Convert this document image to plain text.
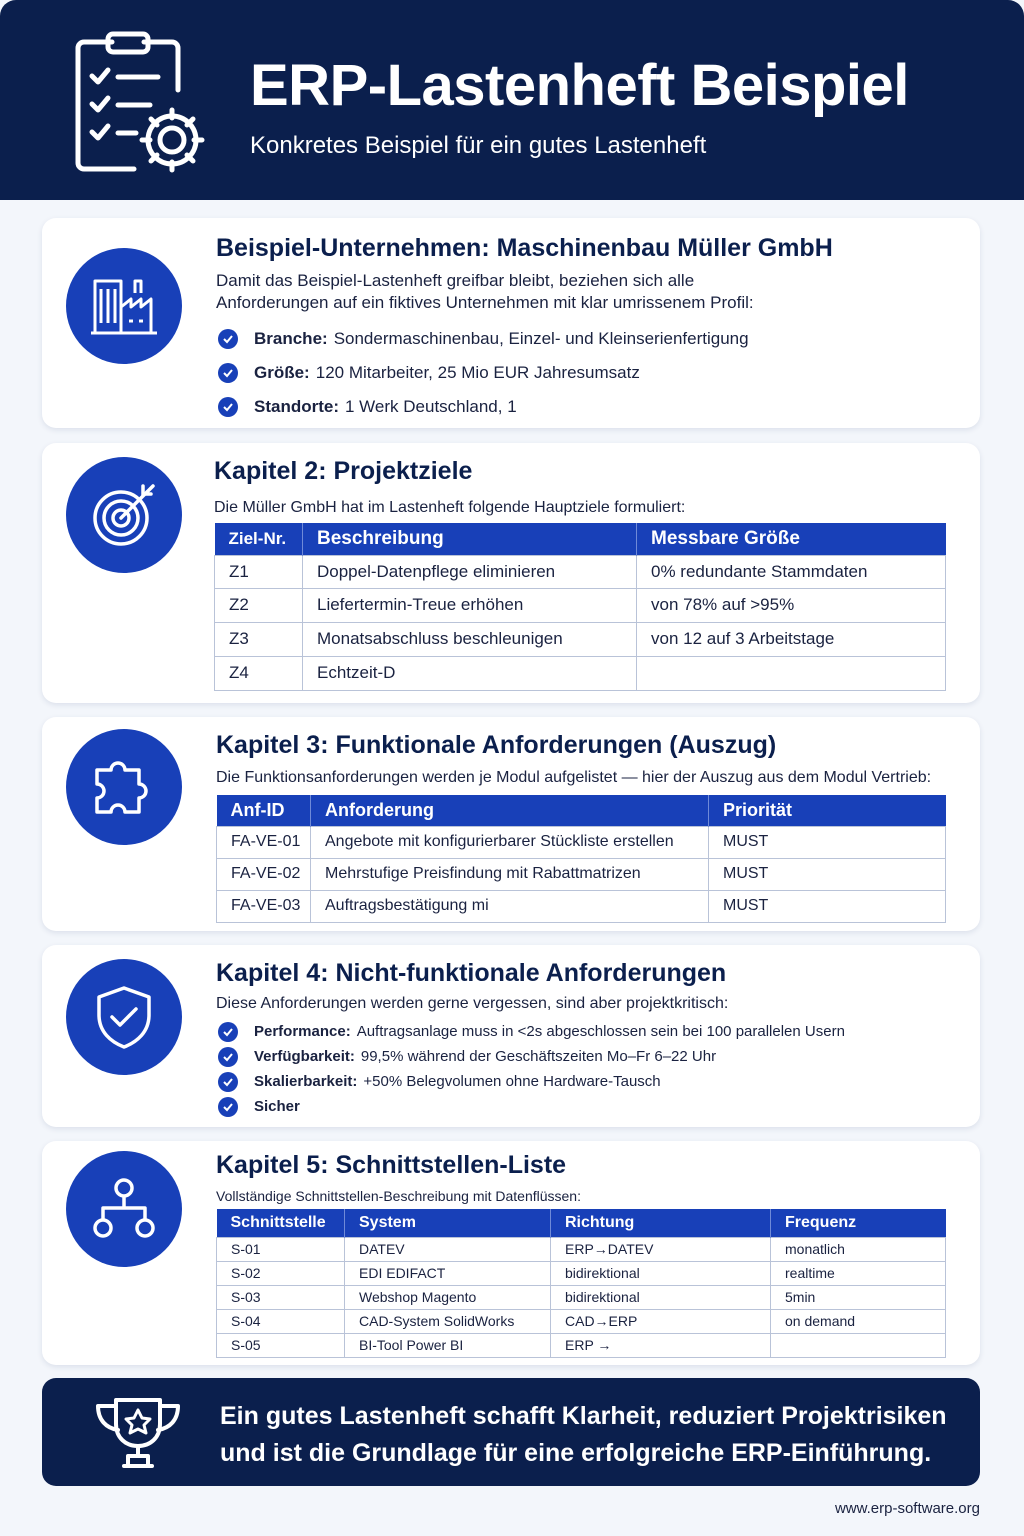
ERP-Lastenheft Beispiel
Konkretes Beispiel für ein gutes Lastenheft
Beispiel-Unternehmen: Maschinenbau Müller GmbH
Damit das Beispiel-Lastenheft greifbar bleibt, beziehen sich alle
Anforderungen auf ein fiktives Unternehmen mit klar umrissenem Profil:
Branche: Sondermaschinenbau, Einzel- und Kleinserienfertigung
Größe: 120 Mitarbeiter, 25 Mio EUR Jahresumsatz
Standorte: 1 Werk Deutschland, 1
Kapitel 2: Projektziele
Die Müller GmbH hat im Lastenheft folgende Hauptziele formuliert:
Ziel-Nr.	Beschreibung	Messbare Größe
Z1	Doppel-Datenpflege eliminieren	0% redundante Stammdaten
Z2	Liefertermin-Treue erhöhen	von 78% auf >95%
Z3	Monatsabschluss beschleunigen	von 12 auf 3 Arbeitstage
Z4	Echtzeit-D	
Kapitel 3: Funktionale Anforderungen (Auszug)
Die Funktionsanforderungen werden je Modul aufgelistet — hier der Auszug aus dem Modul Vertrieb:
Anf-ID	Anforderung	Priorität
FA-VE-01	Angebote mit konfigurierbarer Stückliste erstellen	MUST
FA-VE-02	Mehrstufige Preisfindung mit Rabattmatrizen	MUST
FA-VE-03	Auftragsbestätigung mi	MUST
Kapitel 4: Nicht-funktionale Anforderungen
Diese Anforderungen werden gerne vergessen, sind aber projektkritisch:
Performance: Auftragsanlage muss in <2s abgeschlossen sein bei 100 parallelen Usern
Verfügbarkeit: 99,5% während der Geschäftszeiten Mo–Fr 6–22 Uhr
Skalierbarkeit: +50% Belegvolumen ohne Hardware-Tausch
Sicher
Kapitel 5: Schnittstellen-Liste
Vollständige Schnittstellen-Beschreibung mit Datenflüssen:
Schnittstelle	System	Richtung	Frequenz
S-01	DATEV	ERP→DATEV	monatlich
S-02	EDI EDIFACT	bidirektional	realtime
S-03	Webshop Magento	bidirektional	5min
S-04	CAD-System SolidWorks	CAD→ERP	on demand
S-05	BI-Tool Power BI	ERP →	
Ein gutes Lastenheft schafft Klarheit, reduziert Projektrisiken
und ist die Grundlage für eine erfolgreiche ERP-Einführung.
www.erp-software.org
